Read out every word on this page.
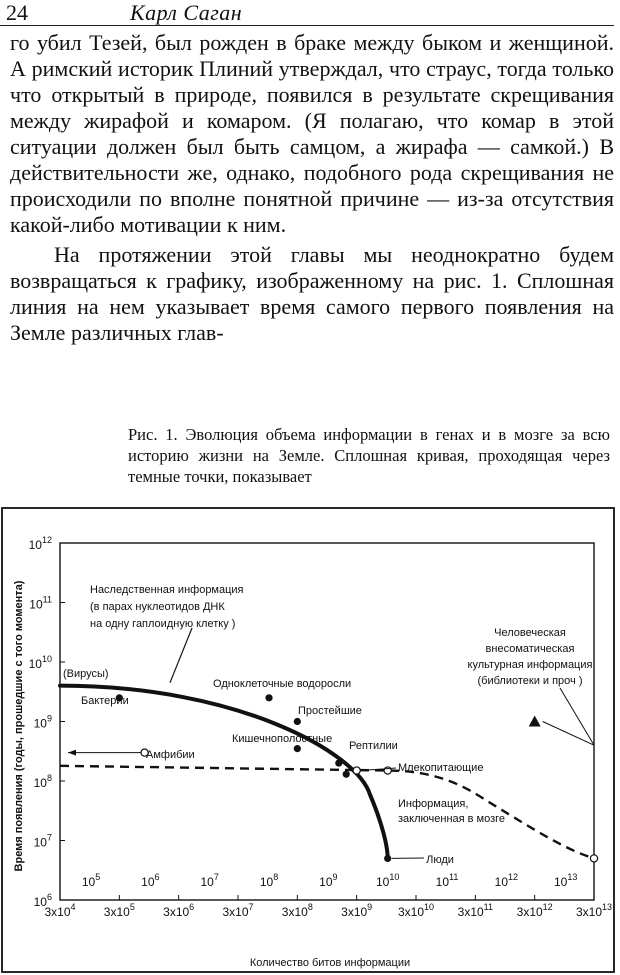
24	Карл Саган

го убил Тезей, был рожден в браке между быком и женщиной. А римский историк Плиний утверждал, что страус, тогда только что открытый в природе, появился в результате скрещивания между жирафой и комаром. (Я полагаю, что комар в этой ситуации должен был быть самцом, а жирафа — самкой.) В действительности же, однако, подобного рода скрещивания не происходили по вполне понятной причине — из-за отсутствия какой-либо мотивации к ним.

На протяжении этой главы мы неоднократно будем возвращаться к графику, изображенному на рис. 1. Сплошная линия на нем указывает время самого первого появления на Земле различных глав-

Рис. 1. Эволюция объема информации в генах и в мозге за всю историю жизни на Земле. Сплошная кривая, проходящая через темные точки, показывает
$10^{12}$
$10^{11}$
$10^{10}$
$10^9$
$10^8$
$10^7$
$10^6$
$3x10^4$ $3x10^5$ $3x10^6$ $3x10^7$ $3x10^8$ $3x10^9$ $3x10^{10}$ $3x10^{11}$ $3x10^{12}$ $3x10^{13}$
$10^5$	$10^6$	$10^7$	$10^8$	$10^9$	$10^{10}$	$10^{11}$	$10^{12}$	$10^{13}$
Количество битов информации
Время появления (годы, прошедшие с того момента)	Наследственная информация
(в парах нуклеотидов ДНК
на одну гаплоидную клетку )
Человеческая
внесоматическая
культурная информация
(библиотеки и проч )
Информация,
заключенная в мозге
(Вирусы)
Бактерии
Одноклеточные водоросли
Простейшие
Кишечнополостные
Рептилии
Амфибии
Млекопитающие
Люди
